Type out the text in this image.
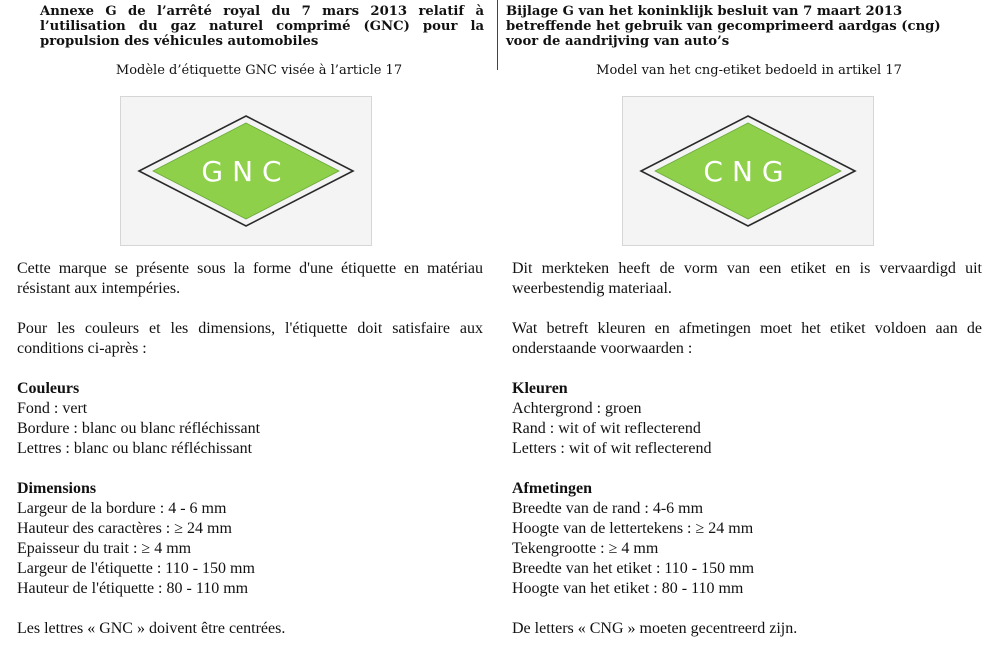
Annexe G de l’arrêté royal du 7 mars 2013 relatif à l’utilisation du gaz naturel comprimé (GNC) pour la propulsion des véhicules automobiles
Modèle d’étiquette GNC visée à l’article 17
GNC

Cette marque se présente sous la forme d'une étiquette en matériau résistant aux intempéries.

Pour les couleurs et les dimensions, l'étiquette doit satisfaire aux conditions ci-après :

Couleurs

Fond : vert

Bordure : blanc ou blanc réfléchissant

Lettres : blanc ou blanc réfléchissant

Dimensions

Largeur de la bordure : 4 - 6 mm

Hauteur des caractères : ≥ 24 mm

Epaisseur du trait : ≥ 4 mm

Largeur de l'étiquette : 110 - 150 mm

Hauteur de l'étiquette : 80 - 110 mm

Les lettres « GNC » doivent être centrées.

Bijlage G van het koninklijk besluit van 7 maart 2013 betreffende het gebruik van gecomprimeerd aardgas (cng) voor de aandrijving van auto’s
Model van het cng-etiket bedoeld in artikel 17
CNG

Dit merkteken heeft de vorm van een etiket en is vervaardigd uit weerbestendig materiaal.

Wat betreft kleuren en afmetingen moet het etiket voldoen aan de onderstaande voorwaarden :

Kleuren

Achtergrond : groen

Rand : wit of wit reflecterend

Letters : wit of wit reflecterend

Afmetingen

Breedte van de rand : 4-6 mm

Hoogte van de lettertekens : ≥ 24 mm

Tekengrootte : ≥ 4 mm

Breedte van het etiket : 110 - 150 mm

Hoogte van het etiket : 80 - 110 mm

De letters « CNG » moeten gecentreerd zijn.
